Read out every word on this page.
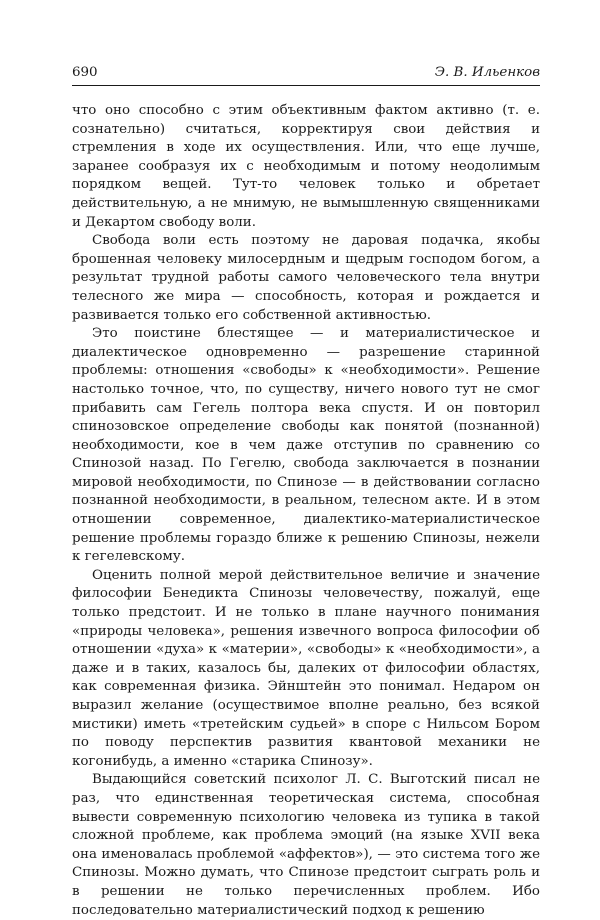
690	Э. В. Ильенков

что оно способно с этим объективным фактом активно (т. е. сознательно) считаться, корректируя свои действия и стремления в ходе их осуществления. Или, что еще лучше, заранее сообразуя их с необходимым и потому неодолимым порядком вещей. Тут-то человек только и обретает действительную, а не мнимую, не вымышленную священниками и Декартом свободу воли.

Свобода воли есть поэтому не даровая подачка, якобы брошенная человеку милосердным и щедрым господом богом, а результат трудной работы самого человеческого тела внутри телесного же мира — способность, которая и рождается и развивается только его собственной активностью.

Это поистине блестящее — и материалистическое и диалектическое одновременно — разрешение старинной проблемы: отношения «свободы» к «необходимости». Решение настолько точное, что, по существу, ничего нового тут не смог прибавить сам Гегель полтора века спустя. И он повторил спинозовское определение свободы как понятой (познанной) необходимости, кое в чем даже отступив по сравнению со Спинозой назад. По Гегелю, свобода заключается в познании мировой необходимости, по Спинозе — в действовании согласно познанной необходимости, в реальном, телесном акте. И в этом отношении современное, диалектико-материалистическое решение проблемы гораздо ближе к решению Спинозы, нежели к гегелевскому.

Оценить полной мерой действительное величие и значение философии Бенедикта Спинозы человечеству, пожалуй, еще только предстоит. И не только в плане научного понимания «природы человека», решения извечного вопроса философии об отношении «духа» к «материи», «свободы» к «необходимости», а даже и в таких, казалось бы, далеких от философии областях, как современная физика. Эйнштейн это понимал. Недаром он выразил желание (осуществимое вполне реально, без всякой мистики) иметь «третейским судьей» в споре с Нильсом Бором по поводу перспектив развития квантовой механики не когонибудь, а именно «старика Спинозу».

Выдающийся советский психолог Л. С. Выготский писал не раз, что единственная теоретическая система, способная вывести современную психологию человека из тупика в такой сложной проблеме, как проблема эмоций (на языке XVII века она именовалась проблемой «аффектов»), — это система того же Спинозы. Можно думать, что Спинозе предстоит сыграть роль и в решении не только перечисленных проблем. Ибо последовательно материалистический подход к решению
